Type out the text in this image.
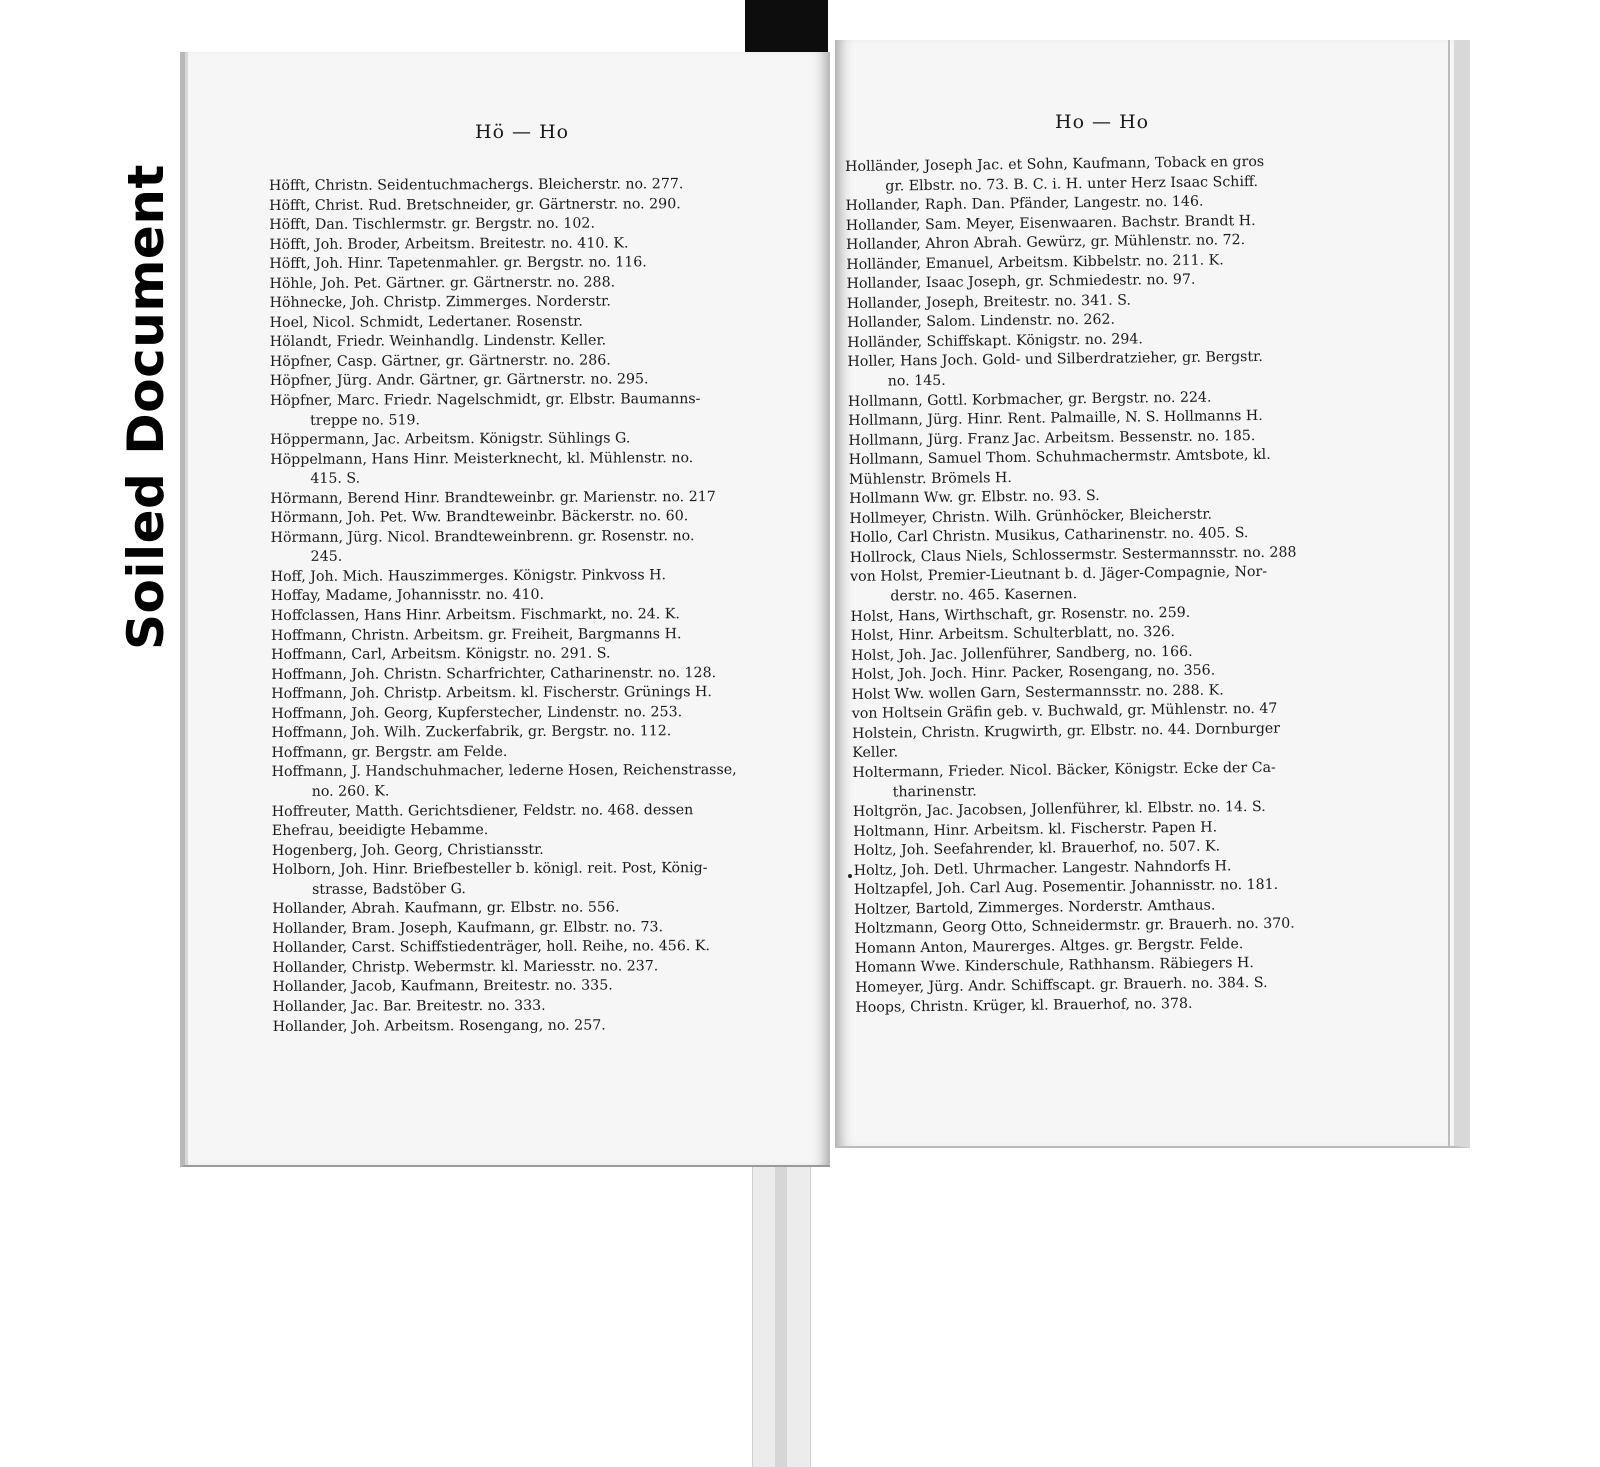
Soiled Document
Hö — Ho
Höfft, Christn. Seidentuchmachergs. Bleicherstr. no. 277.
Höfft, Christ. Rud. Bretschneider, gr. Gärtnerstr. no. 290.
Höfft, Dan. Tischlermstr. gr. Bergstr. no. 102.
Höfft, Joh. Broder, Arbeitsm. Breitestr. no. 410. K.
Höfft, Joh. Hinr. Tapetenmahler. gr. Bergstr. no. 116.
Höhle, Joh. Pet. Gärtner. gr. Gärtnerstr. no. 288.
Höhnecke, Joh. Christp. Zimmerges. Norderstr.
Hoel, Nicol. Schmidt, Ledertaner. Rosenstr.
Hölandt, Friedr. Weinhandlg. Lindenstr. Keller.
Höpfner, Casp. Gärtner, gr. Gärtnerstr. no. 286.
Höpfner, Jürg. Andr. Gärtner, gr. Gärtnerstr. no. 295.
Höpfner, Marc. Friedr. Nagelschmidt, gr. Elbstr. Baumanns-
treppe no. 519.
Höppermann, Jac. Arbeitsm. Königstr. Sühlings G.
Höppelmann, Hans Hinr. Meisterknecht, kl. Mühlenstr. no.
415. S.
Hörmann, Berend Hinr. Brandteweinbr. gr. Marienstr. no. 217
Hörmann, Joh. Pet. Ww. Brandteweinbr. Bäckerstr. no. 60.
Hörmann, Jürg. Nicol. Brandteweinbrenn. gr. Rosenstr. no.
245.
Hoff, Joh. Mich. Hauszimmerges. Königstr. Pinkvoss H.
Hoffay, Madame, Johannisstr. no. 410.
Hoffclassen, Hans Hinr. Arbeitsm. Fischmarkt, no. 24. K.
Hoffmann, Christn. Arbeitsm. gr. Freiheit, Bargmanns H.
Hoffmann, Carl, Arbeitsm. Königstr. no. 291. S.
Hoffmann, Joh. Christn. Scharfrichter, Catharinenstr. no. 128.
Hoffmann, Joh. Christp. Arbeitsm. kl. Fischerstr. Grünings H.
Hoffmann, Joh. Georg, Kupferstecher, Lindenstr. no. 253.
Hoffmann, Joh. Wilh. Zuckerfabrik, gr. Bergstr. no. 112.
Hoffmann, gr. Bergstr. am Felde.
Hoffmann, J. Handschuhmacher, lederne Hosen, Reichenstrasse,
no. 260. K.
Hoffreuter, Matth. Gerichtsdiener, Feldstr. no. 468. dessen
Ehefrau, beeidigte Hebamme.
Hogenberg, Joh. Georg, Christiansstr.
Holborn, Joh. Hinr. Briefbesteller b. königl. reit. Post, König-
strasse, Badstöber G.
Hollander, Abrah. Kaufmann, gr. Elbstr. no. 556.
Hollander, Bram. Joseph, Kaufmann, gr. Elbstr. no. 73.
Hollander, Carst. Schiffstiedenträger, holl. Reihe, no. 456. K.
Hollander, Christp. Webermstr. kl. Mariesstr. no. 237.
Hollander, Jacob, Kaufmann, Breitestr. no. 335.
Hollander, Jac. Bar. Breitestr. no. 333.
Hollander, Joh. Arbeitsm. Rosengang, no. 257.
Ho — Ho
Holländer, Joseph Jac. et Sohn, Kaufmann, Toback en gros
gr. Elbstr. no. 73. B. C. i. H. unter Herz Isaac Schiff.
Hollander, Raph. Dan. Pfänder, Langestr. no. 146.
Hollander, Sam. Meyer, Eisenwaaren. Bachstr. Brandt H.
Hollander, Ahron Abrah. Gewürz, gr. Mühlenstr. no. 72.
Holländer, Emanuel, Arbeitsm. Kibbelstr. no. 211. K.
Hollander, Isaac Joseph, gr. Schmiedestr. no. 97.
Hollander, Joseph, Breitestr. no. 341. S.
Hollander, Salom. Lindenstr. no. 262.
Holländer, Schiffskapt. Königstr. no. 294.
Holler, Hans Joch. Gold- und Silberdratzieher, gr. Bergstr.
no. 145.
Hollmann, Gottl. Korbmacher, gr. Bergstr. no. 224.
Hollmann, Jürg. Hinr. Rent. Palmaille, N. S. Hollmanns H.
Hollmann, Jürg. Franz Jac. Arbeitsm. Bessenstr. no. 185.
Hollmann, Samuel Thom. Schuhmachermstr. Amtsbote, kl.
Mühlenstr. Brömels H.
Hollmann Ww. gr. Elbstr. no. 93. S.
Hollmeyer, Christn. Wilh. Grünhöcker, Bleicherstr.
Hollo, Carl Christn. Musikus, Catharinenstr. no. 405. S.
Hollrock, Claus Niels, Schlossermstr. Sestermannsstr. no. 288
von Holst, Premier-Lieutnant b. d. Jäger-Compagnie, Nor-
derstr. no. 465. Kasernen.
Holst, Hans, Wirthschaft, gr. Rosenstr. no. 259.
Holst, Hinr. Arbeitsm. Schulterblatt, no. 326.
Holst, Joh. Jac. Jollenführer, Sandberg, no. 166.
Holst, Joh. Joch. Hinr. Packer, Rosengang, no. 356.
Holst Ww. wollen Garn, Sestermannsstr. no. 288. K.
von Holtsein Gräfin geb. v. Buchwald, gr. Mühlenstr. no. 47
Holstein, Christn. Krugwirth, gr. Elbstr. no. 44. Dornburger
Keller.
Holtermann, Frieder. Nicol. Bäcker, Königstr. Ecke der Ca-
tharinenstr.
Holtgrön, Jac. Jacobsen, Jollenführer, kl. Elbstr. no. 14. S.
Holtmann, Hinr. Arbeitsm. kl. Fischerstr. Papen H.
Holtz, Joh. Seefahrender, kl. Brauerhof, no. 507. K.
Holtz, Joh. Detl. Uhrmacher. Langestr. Nahndorfs H.
Holtzapfel, Joh. Carl Aug. Posementir. Johannisstr. no. 181.
Holtzer, Bartold, Zimmerges. Norderstr. Amthaus.
Holtzmann, Georg Otto, Schneidermstr. gr. Brauerh. no. 370.
Homann Anton, Maurerges. Altges. gr. Bergstr. Felde.
Homann Wwe. Kinderschule, Rathhansm. Räbiegers H.
Homeyer, Jürg. Andr. Schiffscapt. gr. Brauerh. no. 384. S.
Hoops, Christn. Krüger, kl. Brauerhof, no. 378.
